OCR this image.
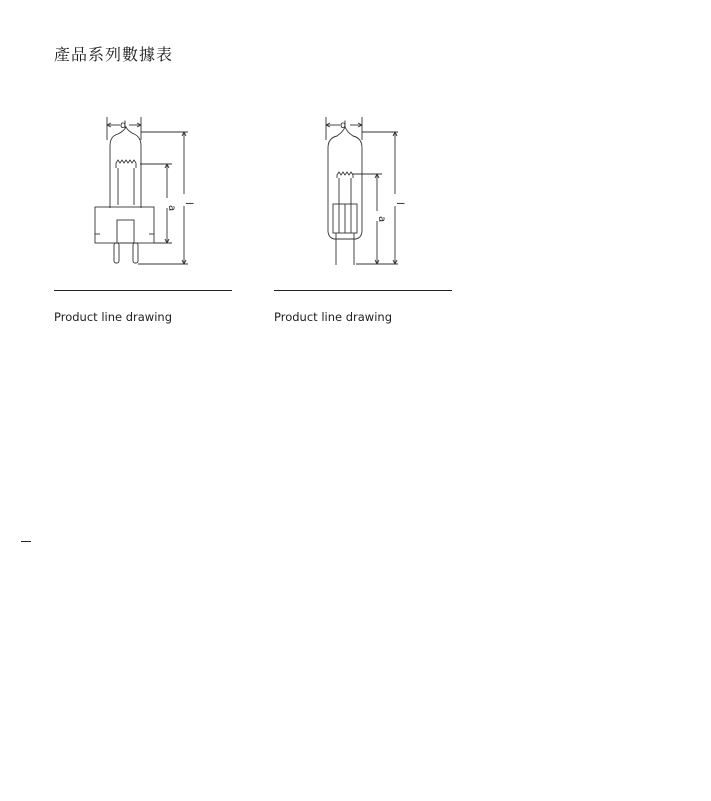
產品系列數據表
d
a
l
Product line drawing
d
a
l
Product line drawing
